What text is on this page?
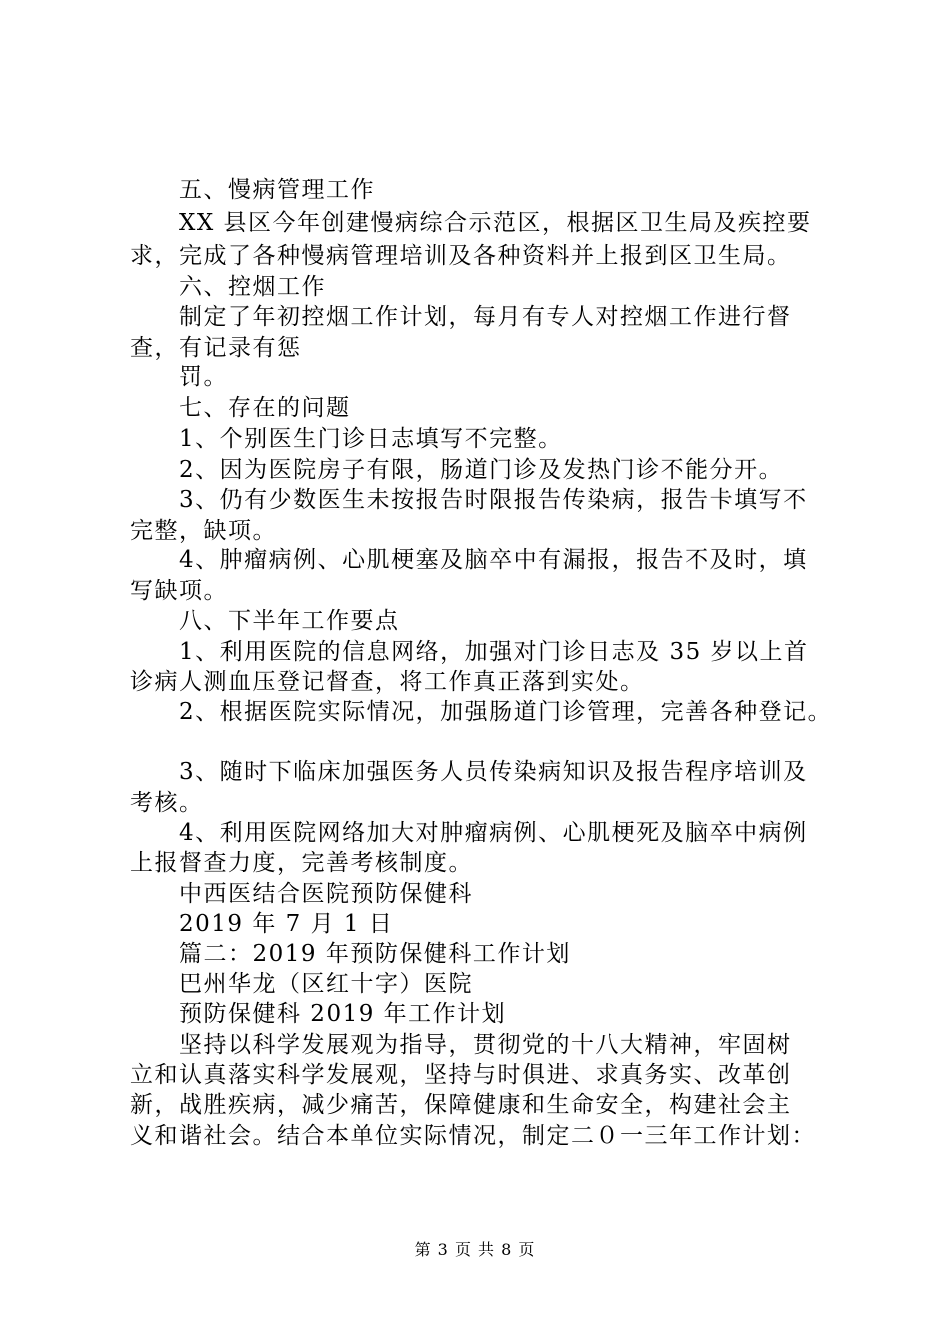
五、慢病管理工作
XX 县区今年创建慢病综合示范区，根据区卫生局及疾控要
求，完成了各种慢病管理培训及各种资料并上报到区卫生局。
六、控烟工作
制定了年初控烟工作计划，每月有专人对控烟工作进行督
查，有记录有惩
罚。
七、存在的问题
1、个别医生门诊日志填写不完整。
2、因为医院房子有限，肠道门诊及发热门诊不能分开。
3、仍有少数医生未按报告时限报告传染病，报告卡填写不
完整，缺项。
4、肿瘤病例、心肌梗塞及脑卒中有漏报，报告不及时，填
写缺项。
八、下半年工作要点
1、利用医院的信息网络，加强对门诊日志及 35 岁以上首
诊病人测血压登记督查，将工作真正落到实处。
2、根据医院实际情况，加强肠道门诊管理，完善各种登记。
3、随时下临床加强医务人员传染病知识及报告程序培训及
考核。
4、利用医院网络加大对肿瘤病例、心肌梗死及脑卒中病例
上报督查力度，完善考核制度。
中西医结合医院预防保健科
2019 年 7 月 1 日
篇二：2019 年预防保健科工作计划
巴州华龙（区红十字）医院
预防保健科 2019 年工作计划
坚持以科学发展观为指导，贯彻党的十八大精神，牢固树
立和认真落实科学发展观，坚持与时俱进、求真务实、改革创
新，战胜疾病，减少痛苦，保障健康和生命安全，构建社会主
义和谐社会。结合本单位实际情况，制定二０一三年工作计划：
第 3 页 共 8 页
